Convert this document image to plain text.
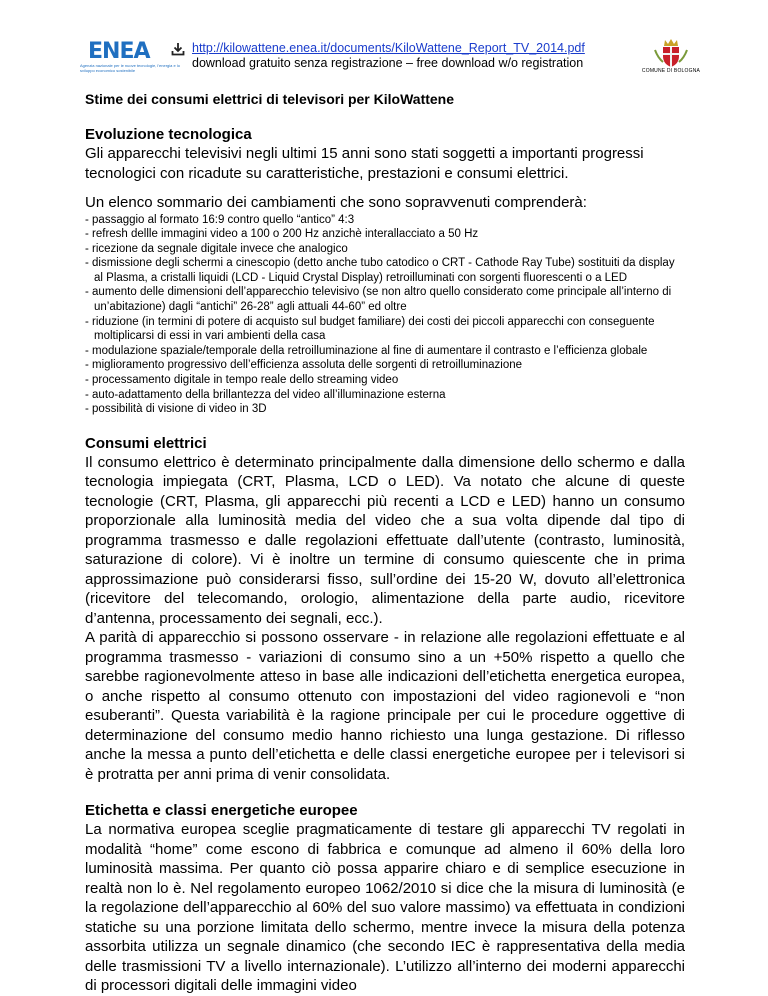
ENEA
Agenzia nazionale per le nuove tecnologie, l'energia e lo sviluppo economico sostenibile
http://kilowattene.enea.it/documents/KiloWattene_Report_TV_2014.pdf
download gratuito senza registrazione – free download w/o registration
COMUNE DI BOLOGNA
Stime dei consumi elettrici di televisori per KiloWattene
Evoluzione tecnologica

Gli apparecchi televisivi negli ultimi 15 anni sono stati soggetti a importanti progressi tecnologici con ricadute su caratteristiche, prestazioni e consumi elettrici.

Un elenco sommario dei cambiamenti che sono sopravvenuti comprenderà:

- passaggio al formato 16:9 contro quello “antico” 4:3
- refresh dellle immagini video a 100 o 200 Hz anzichè interallacciato a 50 Hz
- ricezione da segnale digitale invece che analogico
- dismissione degli schermi a cinescopio (detto anche tubo catodico o CRT - Cathode Ray Tube) sostituiti da display al Plasma, a cristalli liquidi (LCD - Liquid Crystal Display) retroilluminati con sorgenti fluorescenti o a LED
- aumento delle dimensioni dell’apparecchio televisivo (se non altro quello considerato come principale all’interno di un’abitazione) dagli “antichi” 26-28” agli attuali 44-60” ed oltre
- riduzione (in termini di potere di acquisto sul budget familiare) dei costi dei piccoli apparecchi con conseguente moltiplicarsi di essi in vari ambienti della casa
- modulazione spaziale/temporale della retroilluminazione al fine di aumentare il contrasto e l’efficienza globale
- miglioramento progressivo dell’efficienza assoluta delle sorgenti di retroilluminazione
- processamento digitale in tempo reale dello streaming video
- auto-adattamento della brillantezza del video all’illuminazione esterna
- possibilità di visione di video in 3D
Consumi elettrici

Il consumo elettrico è determinato principalmente dalla dimensione dello schermo e dalla tecnologia impiegata (CRT, Plasma, LCD o LED). Va notato che alcune di queste tecnologie (CRT, Plasma, gli apparecchi più recenti a LCD e LED) hanno un consumo proporzionale alla luminosità media del video che a sua volta dipende dal tipo di programma trasmesso e dalle regolazioni effettuate dall’utente (contrasto, luminosità, saturazione di colore). Vi è inoltre un termine di consumo quiescente che in prima approssimazione può considerarsi fisso, sull’ordine dei 15-20 W, dovuto all’elettronica (ricevitore del telecomando, orologio, alimentazione della parte audio, ricevitore d’antenna, processamento dei segnali, ecc.).

A parità di apparecchio si possono osservare - in relazione alle regolazioni effettuate e al programma trasmesso - variazioni di consumo sino a un +50% rispetto a quello che sarebbe ragionevolmente atteso in base alle indicazioni dell’etichetta energetica europea, o anche rispetto al consumo ottenuto con impostazioni del video ragionevoli e “non esuberanti”. Questa variabilità è la ragione principale per cui le procedure oggettive di determinazione del consumo medio hanno richiesto una lunga gestazione. Di riflesso anche la messa a punto dell’etichetta e delle classi energetiche europee per i televisori si è protratta per anni prima di venir consolidata.

Etichetta e classi energetiche europee

La normativa europea sceglie pragmaticamente di testare gli apparecchi TV regolati in modalità “home” come escono di fabbrica e comunque ad almeno il 60% della loro luminosità massima. Per quanto ciò possa apparire chiaro e di semplice esecuzione in realtà non lo è. Nel regolamento europeo 1062/2010 si dice che la misura di luminosità (e la regolazione dell’apparecchio al 60% del suo valore massimo) va effettuata in condizioni statiche su una porzione limitata dello schermo, mentre invece la misura della potenza assorbita utilizza un segnale dinamico (che secondo IEC è rappresentativa della media delle trasmissioni TV a livello internazionale). L’utilizzo all’interno dei moderni apparecchi di processori digitali delle immagini video
